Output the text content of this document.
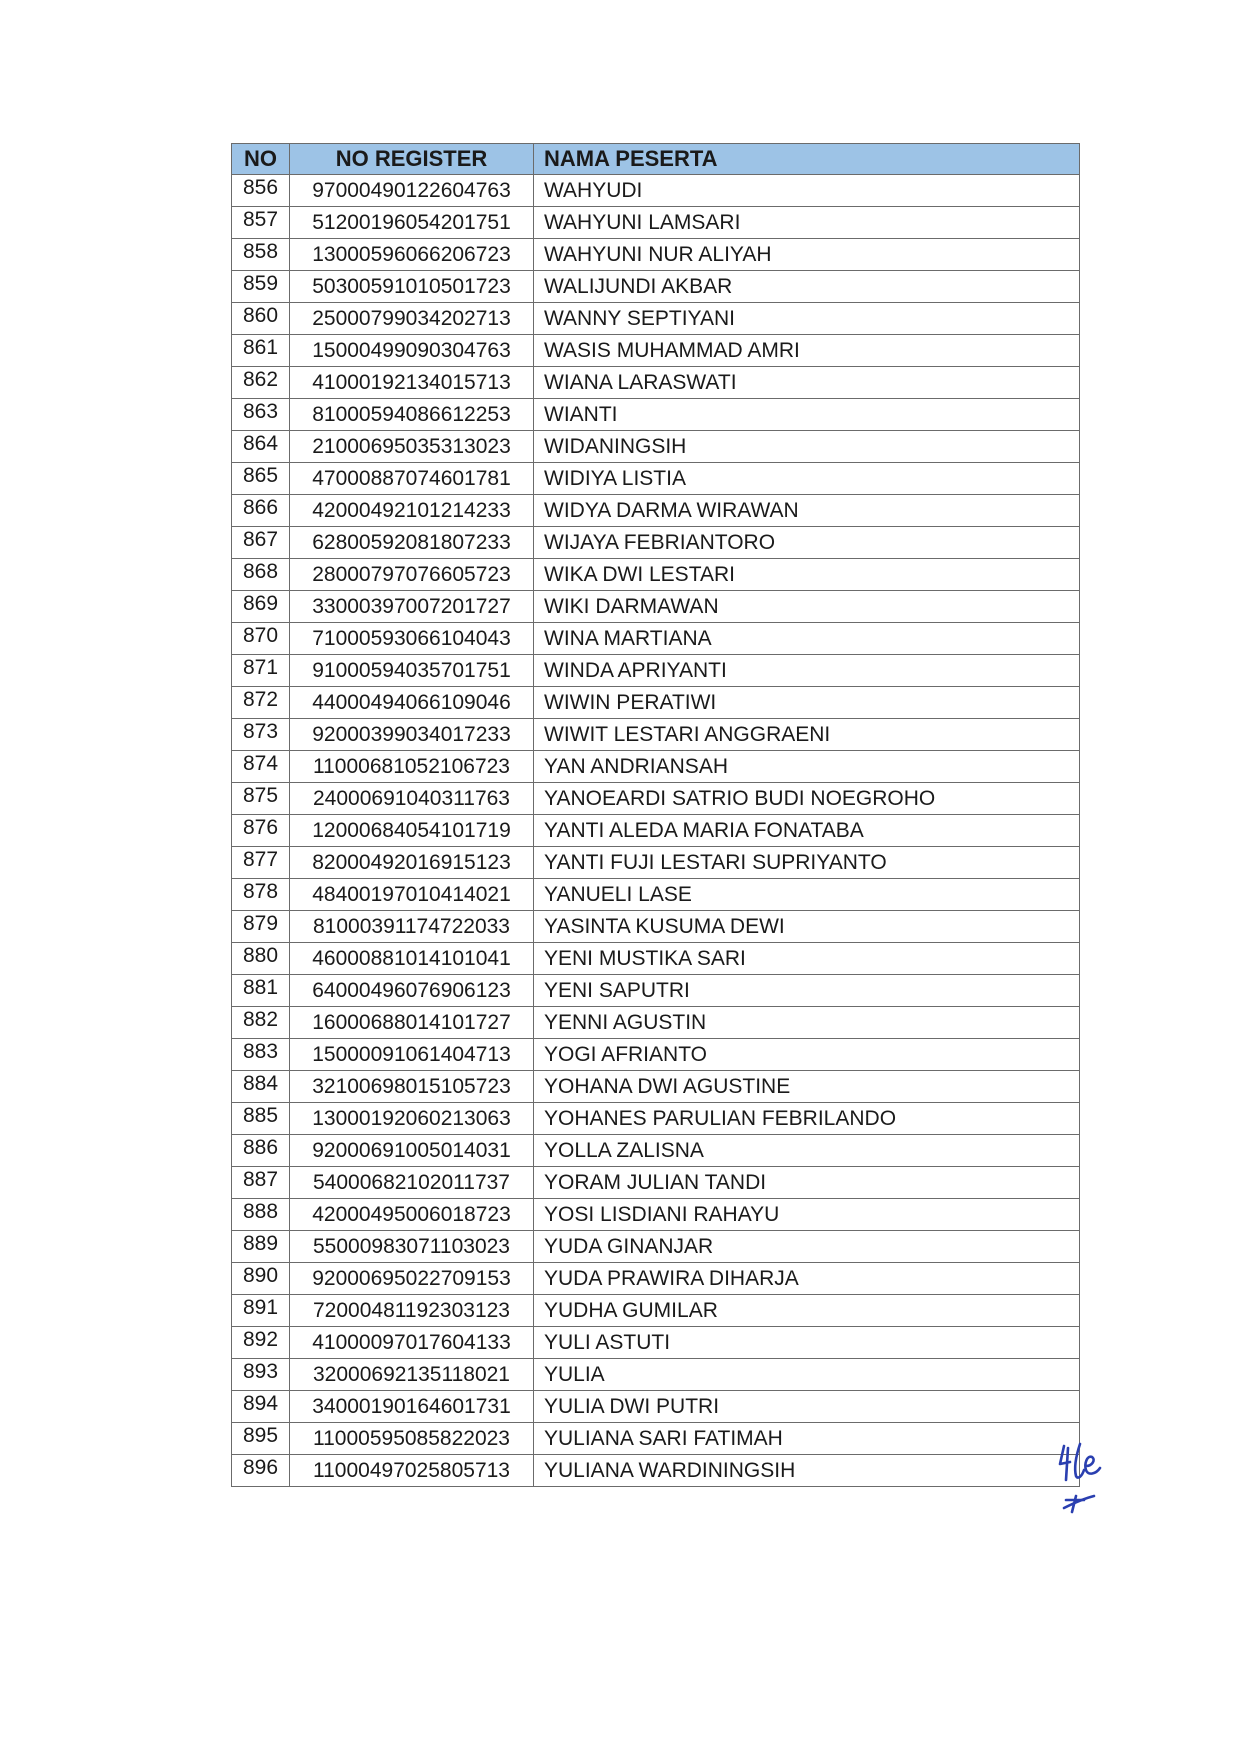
NO	NO REGISTER	NAMA PESERTA
856	97000490122604763	WAHYUDI
857	51200196054201751	WAHYUNI LAMSARI
858	13000596066206723	WAHYUNI NUR ALIYAH
859	50300591010501723	WALIJUNDI AKBAR
860	25000799034202713	WANNY SEPTIYANI
861	15000499090304763	WASIS MUHAMMAD AMRI
862	41000192134015713	WIANA LARASWATI
863	81000594086612253	WIANTI
864	21000695035313023	WIDANINGSIH
865	47000887074601781	WIDIYA LISTIA
866	42000492101214233	WIDYA DARMA WIRAWAN
867	62800592081807233	WIJAYA FEBRIANTORO
868	28000797076605723	WIKA DWI LESTARI
869	33000397007201727	WIKI DARMAWAN
870	71000593066104043	WINA MARTIANA
871	91000594035701751	WINDA APRIYANTI
872	44000494066109046	WIWIN PERATIWI
873	92000399034017233	WIWIT LESTARI ANGGRAENI
874	11000681052106723	YAN ANDRIANSAH
875	24000691040311763	YANOEARDI SATRIO BUDI NOEGROHO
876	12000684054101719	YANTI ALEDA MARIA FONATABA
877	82000492016915123	YANTI FUJI LESTARI SUPRIYANTO
878	48400197010414021	YANUELI LASE
879	81000391174722033	YASINTA KUSUMA DEWI
880	46000881014101041	YENI MUSTIKA SARI
881	64000496076906123	YENI SAPUTRI
882	16000688014101727	YENNI AGUSTIN
883	15000091061404713	YOGI AFRIANTO
884	32100698015105723	YOHANA DWI AGUSTINE
885	13000192060213063	YOHANES PARULIAN FEBRILANDO
886	92000691005014031	YOLLA ZALISNA
887	54000682102011737	YORAM JULIAN TANDI
888	42000495006018723	YOSI LISDIANI RAHAYU
889	55000983071103023	YUDA GINANJAR
890	92000695022709153	YUDA PRAWIRA DIHARJA
891	72000481192303123	YUDHA GUMILAR
892	41000097017604133	YULI ASTUTI
893	32000692135118021	YULIA
894	34000190164601731	YULIA DWI PUTRI
895	11000595085822023	YULIANA SARI FATIMAH
896	11000497025805713	YULIANA WARDININGSIH
